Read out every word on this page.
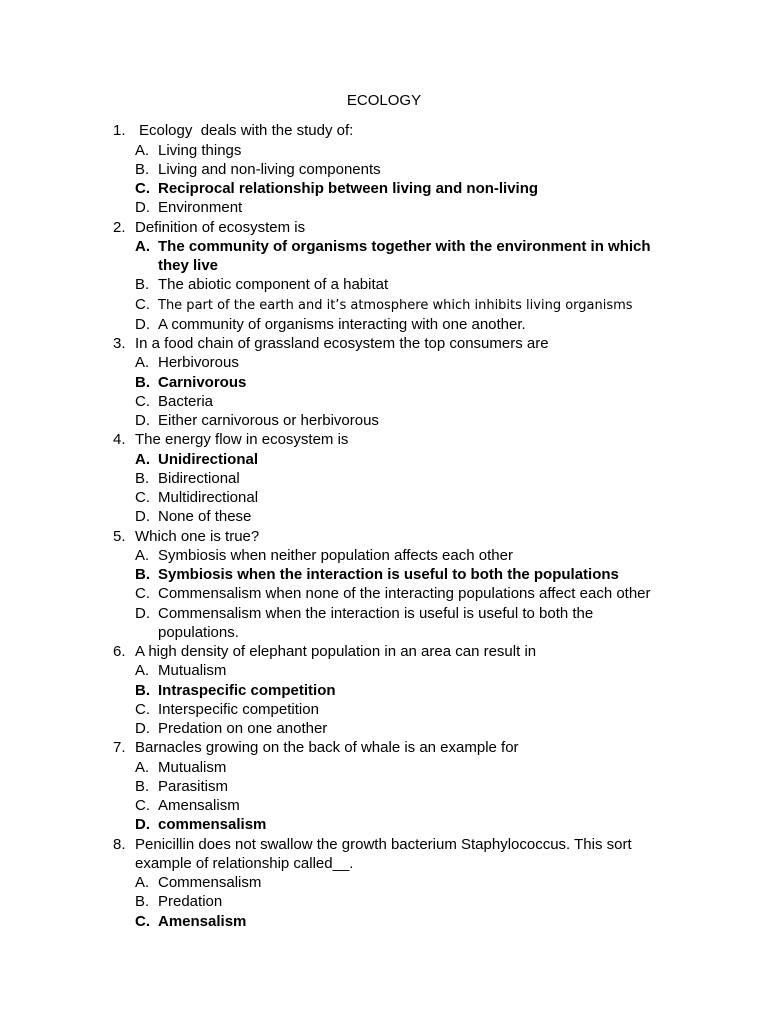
ECOLOGY
1. Ecology  deals with the study of:
A. Living things
B. Living and non-living components
C. Reciprocal relationship between living and non-living
D. Environment
2. Definition of ecosystem is
A. The community of organisms together with the environment in which they live
B. The abiotic component of a habitat
C. The part of the earth and it’s atmosphere which inhibits living organisms
D. A community of organisms interacting with one another.
3. In a food chain of grassland ecosystem the top consumers are
A. Herbivorous
B. Carnivorous
C. Bacteria
D. Either carnivorous or herbivorous
4. The energy flow in ecosystem is
A. Unidirectional
B. Bidirectional
C. Multidirectional
D. None of these
5. Which one is true?
A. Symbiosis when neither population affects each other
B. Symbiosis when the interaction is useful to both the populations
C. Commensalism when none of the interacting populations affect each other
D. Commensalism when the interaction is useful is useful to both the populations.
6. A high density of elephant population in an area can result in
A. Mutualism
B. Intraspecific competition
C. Interspecific competition
D. Predation on one another
7. Barnacles growing on the back of whale is an example for
A. Mutualism
B. Parasitism
C. Amensalism
D. commensalism
8. Penicillin does not swallow the growth bacterium Staphylococcus. This sort example of relationship called__.
A. Commensalism
B. Predation
C. Amensalism
